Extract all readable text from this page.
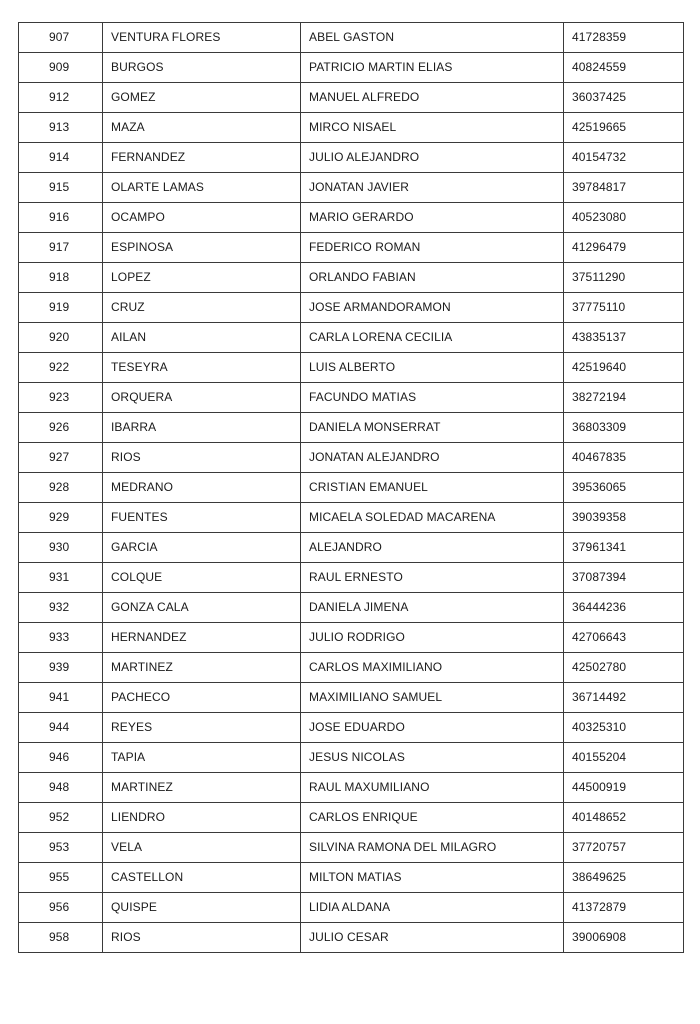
907	VENTURA FLORES	ABEL GASTON	41728359
909	BURGOS	PATRICIO MARTIN ELIAS	40824559
912	GOMEZ	MANUEL ALFREDO	36037425
913	MAZA	MIRCO NISAEL	42519665
914	FERNANDEZ	JULIO ALEJANDRO	40154732
915	OLARTE LAMAS	JONATAN JAVIER	39784817
916	OCAMPO	MARIO GERARDO	40523080
917	ESPINOSA	FEDERICO ROMAN	41296479
918	LOPEZ	ORLANDO FABIAN	37511290
919	CRUZ	JOSE ARMANDORAMON	37775110
920	AILAN	CARLA LORENA CECILIA	43835137
922	TESEYRA	LUIS ALBERTO	42519640
923	ORQUERA	FACUNDO MATIAS	38272194
926	IBARRA	DANIELA MONSERRAT	36803309
927	RIOS	JONATAN ALEJANDRO	40467835
928	MEDRANO	CRISTIAN EMANUEL	39536065
929	FUENTES	MICAELA SOLEDAD MACARENA	39039358
930	GARCIA	ALEJANDRO	37961341
931	COLQUE	RAUL ERNESTO	37087394
932	GONZA CALA	DANIELA JIMENA	36444236
933	HERNANDEZ	JULIO RODRIGO	42706643
939	MARTINEZ	CARLOS MAXIMILIANO	42502780
941	PACHECO	MAXIMILIANO SAMUEL	36714492
944	REYES	JOSE EDUARDO	40325310
946	TAPIA	JESUS NICOLAS	40155204
948	MARTINEZ	RAUL MAXUMILIANO	44500919
952	LIENDRO	CARLOS ENRIQUE	40148652
953	VELA	SILVINA RAMONA DEL MILAGRO	37720757
955	CASTELLON	MILTON MATIAS	38649625
956	QUISPE	LIDIA ALDANA	41372879
958	RIOS	JULIO CESAR	39006908
